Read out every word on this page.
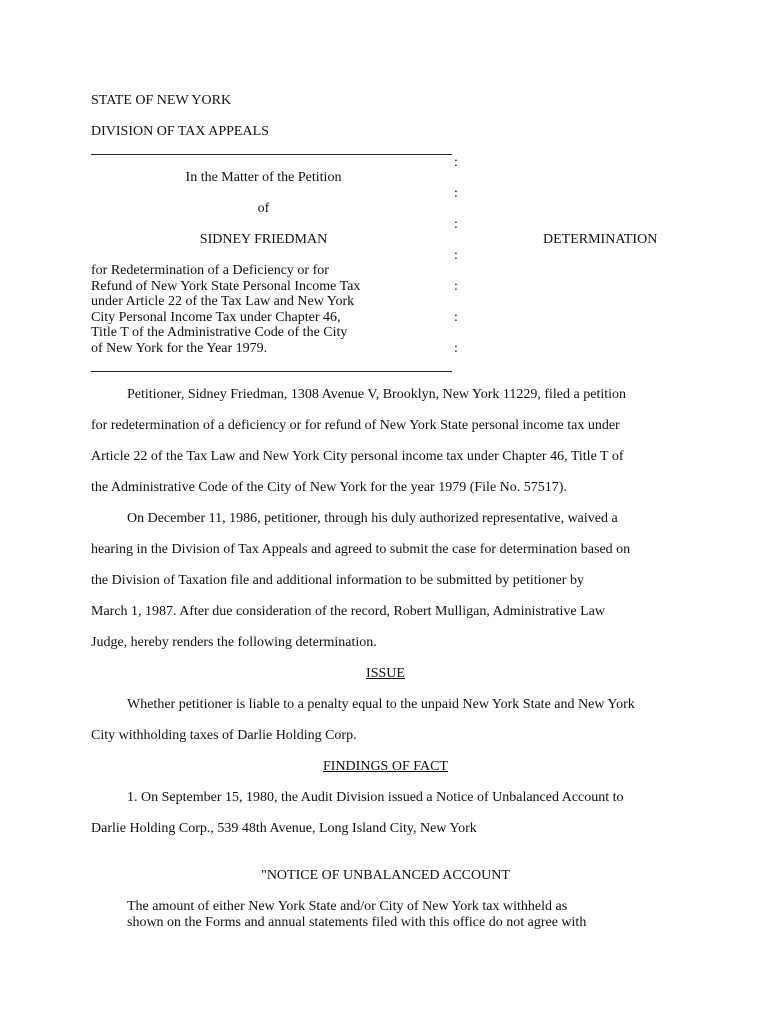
STATE OF NEW YORK
DIVISION OF TAX APPEALS
:
In the Matter of the Petition
:
of
:
SIDNEY FRIEDMAN	DETERMINATION
:
for Redetermination of a Deficiency or for
Refund of New York State Personal Income Tax	:
under Article 22 of the Tax Law and New York
City Personal Income Tax under Chapter 46,	:
Title T of the Administrative Code of the City
of New York for the Year 1979.	:
Petitioner, Sidney Friedman, 1308 Avenue V, Brooklyn, New York 11229, filed a petition
for redetermination of a deficiency or for refund of New York State personal income tax under
Article 22 of the Tax Law and New York City personal income tax under Chapter 46, Title T of
the Administrative Code of the City of New York for the year 1979 (File No. 57517).
On December 11, 1986, petitioner, through his duly authorized representative, waived a
hearing in the Division of Tax Appeals and agreed to submit the case for determination based on
the Division of Taxation file and additional information to be submitted by petitioner by
March 1, 1987. After due consideration of the record, Robert Mulligan, Administrative Law
Judge, hereby renders the following determination.
ISSUE
Whether petitioner is liable to a penalty equal to the unpaid New York State and New York
City withholding taxes of Darlie Holding Corp.
FINDINGS OF FACT
1. On September 15, 1980, the Audit Division issued a Notice of Unbalanced Account to
Darlie Holding Corp., 539 48th Avenue, Long Island City, New York
"NOTICE OF UNBALANCED ACCOUNT
The amount of either New York State and/or City of New York tax withheld as
shown on the Forms and annual statements filed with this office do not agree with
